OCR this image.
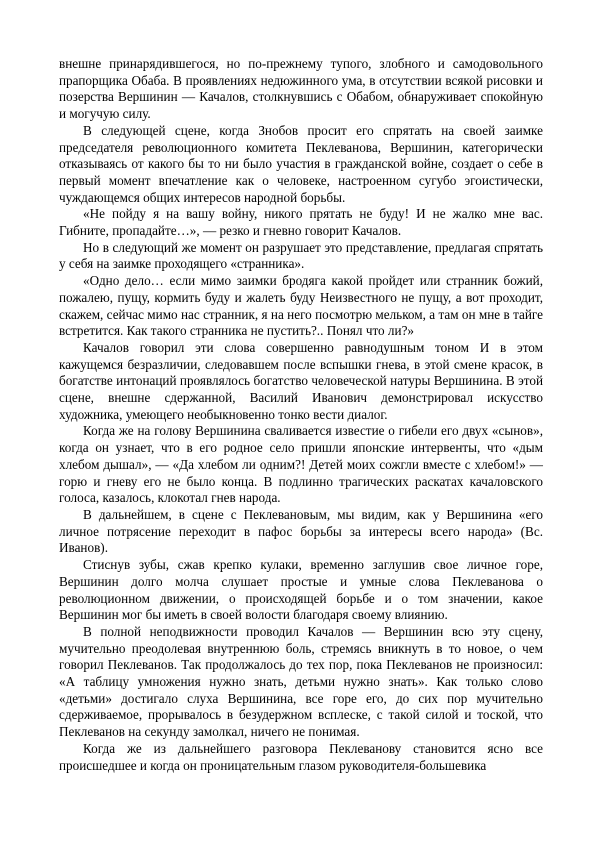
внешне принарядившегося, но по-прежнему тупого, злобного и самодовольного прапорщика Обаба. В проявлениях недюжинного ума, в отсутствии всякой рисовки и позерства Вершинин — Качалов, столкнувшись с Обабом, обнаруживает спокойную и могучую силу.

В следующей сцене, когда Знобов просит его спрятать на своей заимке председателя революционного комитета Пеклеванова, Вершинин, категорически отказываясь от какого бы то ни было участия в гражданской войне, создает о себе в первый момент впечатление как о человеке, настроенном сугубо эгоистически, чуждающемся общих интересов народной борьбы.

«Не пойду я на вашу войну, никого прятать не буду! И не жалко мне вас. Гибните, пропадайте…», — резко и гневно говорит Качалов.

Но в следующий же момент он разрушает это представление, предлагая спрятать у себя на заимке проходящего «странника».

«Одно дело… если мимо заимки бродяга какой пройдет или странник божий, пожалею, пущу, кормить буду и жалеть буду Неизвестного не пущу, а вот проходит, скажем, сейчас мимо нас странник, я на него посмотрю мельком, а там он мне в тайге встретится. Как такого странника не пустить?.. Понял что ли?»

Качалов говорил эти слова совершенно равнодушным тоном И в этом кажущемся безразличии, следовавшем после вспышки гнева, в этой смене красок, в богатстве интонаций проявлялось богатство человеческой натуры Вершинина. В этой сцене, внешне сдержанной, Василий Иванович демонстрировал искусство художника, умеющего необыкновенно тонко вести диалог.

Когда же на голову Вершинина сваливается известие о гибели его двух «сынов», когда он узнает, что в его родное село пришли японские интервенты, что «дым хлебом дышал», — «Да хлебом ли одним?! Детей моих сожгли вместе с хлебом!» — горю и гневу его не было конца. В подлинно трагических раскатах качаловского голоса, казалось, клокотал гнев народа.

В дальнейшем, в сцене с Пеклевановым, мы видим, как у Вершинина «его личное потрясение переходит в пафос борьбы за интересы всего народа» (Вс. Иванов).

Стиснув зубы, сжав крепко кулаки, временно заглушив свое личное горе, Вершинин долго молча слушает простые и умные слова Пеклеванова о революционном движении, о происходящей борьбе и о том значении, какое Вершинин мог бы иметь в своей волости благодаря своему влиянию.

В полной неподвижности проводил Качалов — Вершинин всю эту сцену, мучительно преодолевая внутреннюю боль, стремясь вникнуть в то новое, о чем говорил Пеклеванов. Так продолжалось до тех пор, пока Пеклеванов не произносил: «А таблицу умножения нужно знать, детьми нужно знать». Как только слово «детьми» достигало слуха Вершинина, все горе его, до сих пор мучительно сдерживаемое, прорывалось в безудержном всплеске, с такой силой и тоской, что Пеклеванов на секунду замолкал, ничего не понимая.

Когда же из дальнейшего разговора Пеклеванову становится ясно все происшедшее и когда он проницательным глазом руководителя-большевика
